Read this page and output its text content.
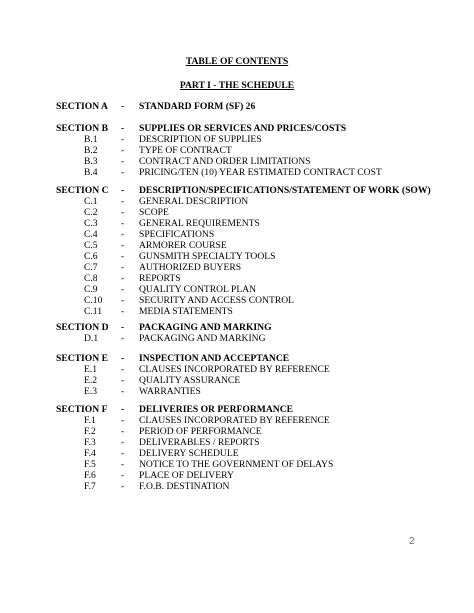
TABLE OF CONTENTS
PART I - THE SCHEDULE
SECTION A - STANDARD FORM (SF) 26
SECTION B - SUPPLIES OR SERVICES AND PRICES/COSTS
B.1 - DESCRIPTION OF SUPPLIES
B.2 - TYPE OF CONTRACT
B.3 - CONTRACT AND ORDER LIMITATIONS
B.4 - PRICING/TEN (10) YEAR ESTIMATED CONTRACT COST
SECTION C - DESCRIPTION/SPECIFICATIONS/STATEMENT OF WORK (SOW)
C.1 - GENERAL DESCRIPTION
C.2 - SCOPE
C.3 - GENERAL REQUIREMENTS
C.4 - SPECIFICATIONS
C.5 - ARMORER COURSE
C.6 - GUNSMITH SPECIALTY TOOLS
C.7 - AUTHORIZED BUYERS
C.8 - REPORTS
C.9 - QUALITY CONTROL PLAN
C.10 - SECURITY AND ACCESS CONTROL
C.11 - MEDIA STATEMENTS
SECTION D - PACKAGING AND MARKING
D.1 - PACKAGING AND MARKING
SECTION E - INSPECTION AND ACCEPTANCE
E.1 - CLAUSES INCORPORATED BY REFERENCE
E.2 - QUALITY ASSURANCE
E.3 - WARRANTIES
SECTION F - DELIVERIES OR PERFORMANCE
F.1	- CLAUSES INCORPORATED BY REFERENCE
F.2	- PERIOD OF PERFORMANCE
F.3	- DELIVERABLES / REPORTS
F.4	- DELIVERY SCHEDULE
F.5	- NOTICE TO THE GOVERNMENT OF DELAYS
F.6	- PLACE OF DELIVERY
F.7	- F.O.B. DESTINATION
2
